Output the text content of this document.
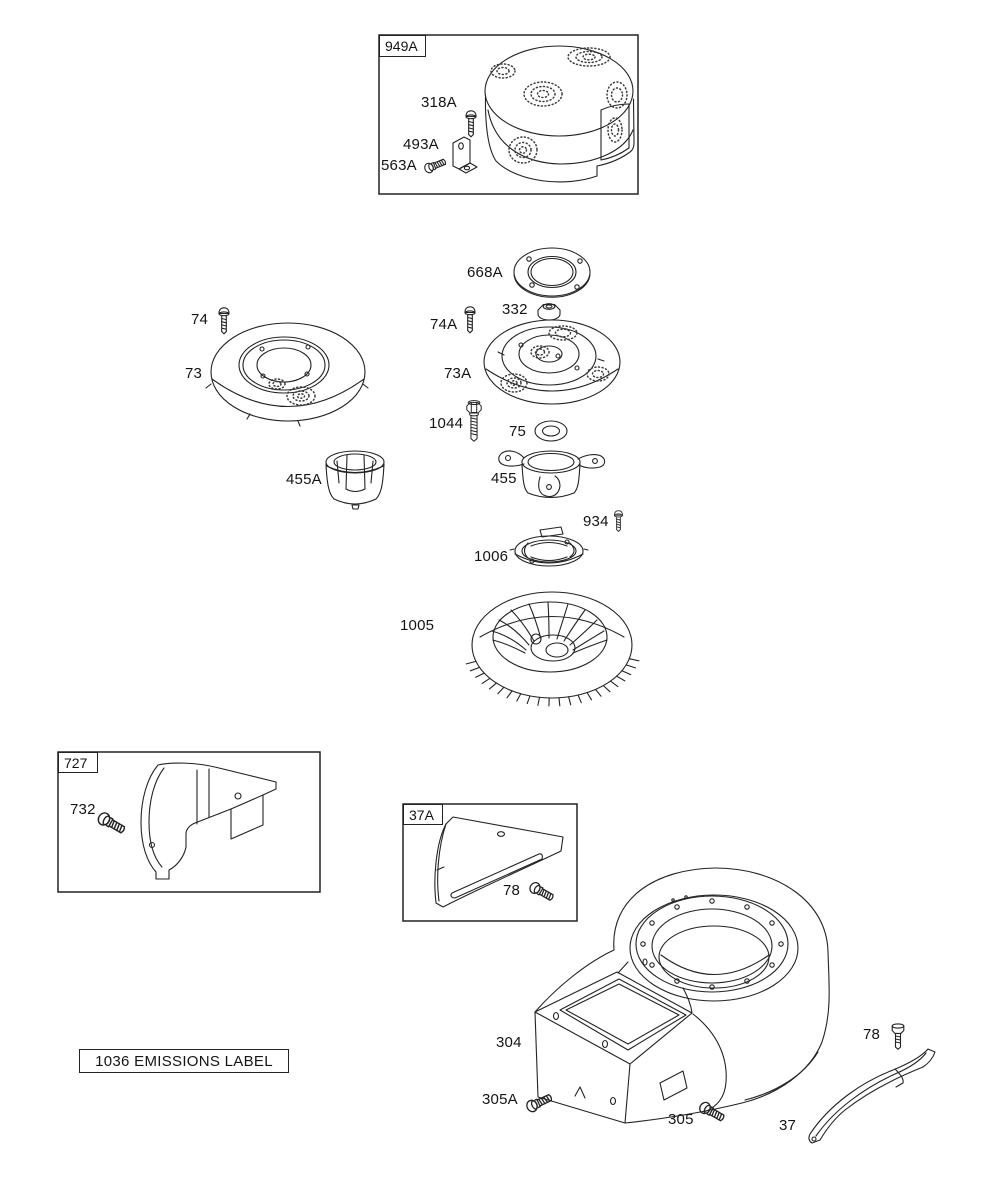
949A
727
37A
318A
493A
563A
668A
332
74	74A
73	73A
1044	75
455A	455
934
1006
1005
732
78
304
305A
305
78
37
1036 EMISSIONS LABEL
